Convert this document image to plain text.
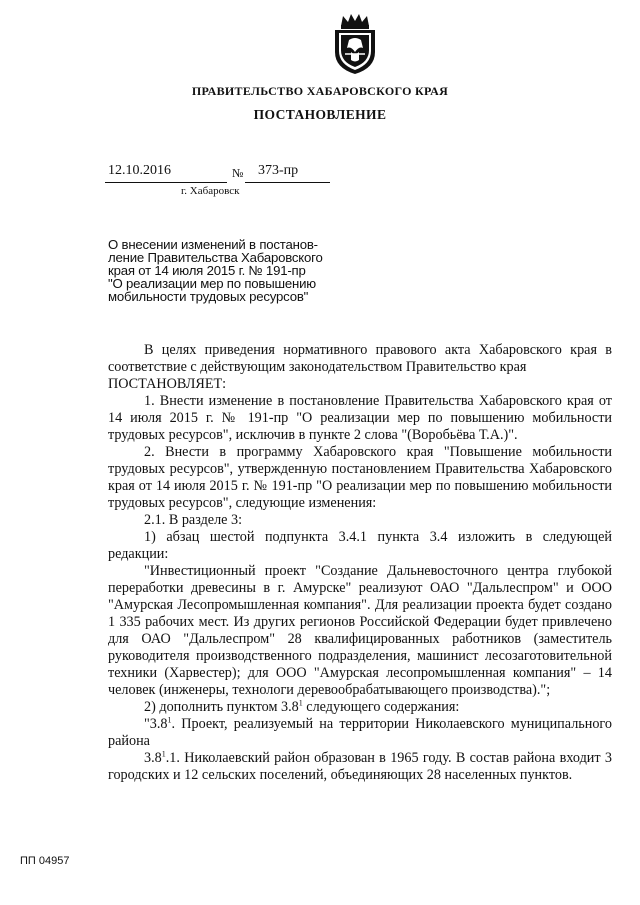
ПРАВИТЕЛЬСТВО ХАБАРОВСКОГО КРАЯ
ПОСТАНОВЛЕНИЕ
12.10.2016	№ 373-пр
г. Хабаровск
О внесении изменений в постанов-
ление Правительства Хабаровского
края от 14 июля 2015 г. № 191-пр
"О реализации мер по повышению
мобильности трудовых ресурсов"

В целях приведения нормативного правового акта Хабаровского края в соответствие с действующим законодательством Правительство края

ПОСТАНОВЛЯЕТ:

1. Внести изменение в постановление Правительства Хабаровского края от 14 июля 2015 г. № 191-пр "О реализации мер по повышению мобильности трудовых ресурсов", исключив в пункте 2 слова "(Воробьёва Т.А.)".

2. Внести в программу Хабаровского края "Повышение мобильности трудовых ресурсов", утвержденную постановлением Правительства Хабаровского края от 14 июля 2015 г. № 191-пр "О реализации мер по повышению мобильности трудовых ресурсов", следующие изменения:

2.1. В разделе 3:

1) абзац шестой подпункта 3.4.1 пункта 3.4 изложить в следующей редакции:

"Инвестиционный проект "Создание Дальневосточного центра глубокой переработки древесины в г. Амурске" реализуют ОАО "Дальлеспром" и ООО "Амурская Лесопромышленная компания". Для реализации проекта будет создано 1 335 рабочих мест. Из других регионов Российской Федерации будет привлечено для ОАО "Дальлеспром" 28 квалифицированных работников (заместитель руководителя производственного подразделения, машинист лесозаготовительной техники (Харвестер); для ООО "Амурская лесопромышленная компания" – 14 человек (инженеры, технологи деревообрабатывающего производства).";

2) дополнить пунктом $3.8^1$ следующего содержания:

"$3.8^1$. Проект, реализуемый на территории Николаевского муниципального района

$3.8^1.1$. Николаевский район образован в 1965 году. В состав района входит 3 городских и 12 сельских поселений, объединяющих 28 населенных пунктов.

ПП 04957
